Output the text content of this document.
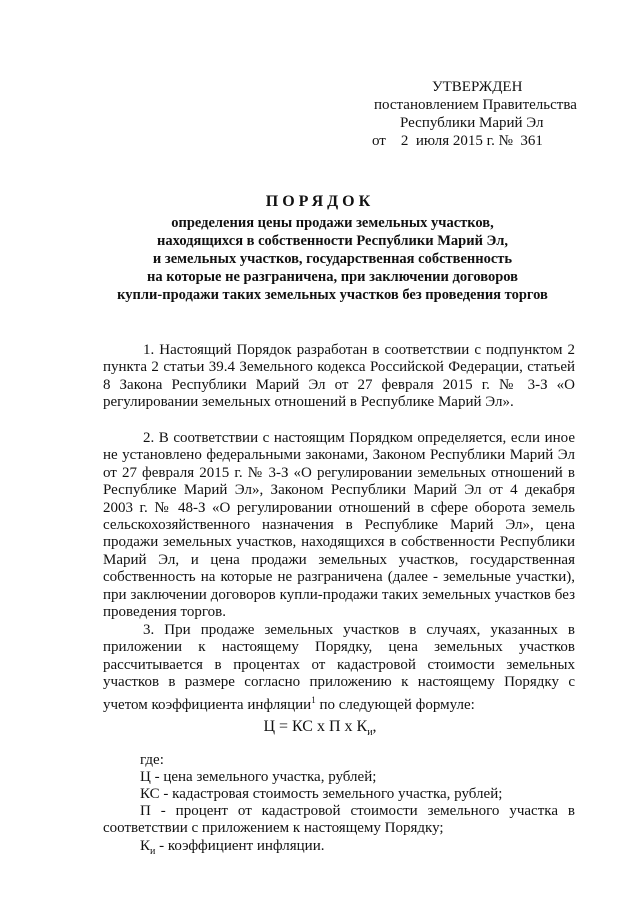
УТВЕРЖДЕН
постановлением Правительства
Республики Марий Эл
от    2  июля 2015 г. №  361
ПОРЯДОК
определения цены продажи земельных участков,
находящихся в собственности Республики Марий Эл,
и земельных участков, государственная собственность
на которые не разграничена, при заключении договоров
купли-продажи таких земельных участков без проведения торгов

1. Настоящий Порядок разработан в соответствии с подпунктом 2 пункта 2 статьи 39.4 Земельного кодекса Российской Федерации, статьей 8 Закона Республики Марий Эл от 27 февраля 2015 г. № 3-З «О регулировании земельных отношений в Республике Марий Эл».

2. В соответствии с настоящим Порядком определяется, если иное не установлено федеральными законами, Законом Республики Марий Эл от 27 февраля 2015 г. № 3-З «О регулировании земельных отношений в Республике Марий Эл», Законом Республики Марий Эл от 4 декабря 2003 г. № 48-З «О регулировании отношений в сфере оборота земель сельскохозяйственного назначения в Республике Марий Эл», цена продажи земельных участков, находящихся в собственности Республики Марий Эл, и цена продажи земельных участков, государственная собственность на которые не разграничена (далее - земельные участки), при заключении договоров купли-продажи таких земельных участков без проведения торгов.

3. При продаже земельных участков в случаях, указанных в приложении к настоящему Порядку, цена земельных участков рассчитывается в процентах от кадастровой стоимости земельных участков в размере согласно приложению к настоящему Порядку с учетом коэффициента инфляции$^1$ по следующей формуле:

Ц = КС х П х $К_и$,
где:
Ц - цена земельного участка, рублей;
КС - кадастровая стоимость земельного участка, рублей;
П - процент от кадастровой стоимости земельного участка в соответствии с приложением к настоящему Порядку;
$К_и$ - коэффициент инфляции.
